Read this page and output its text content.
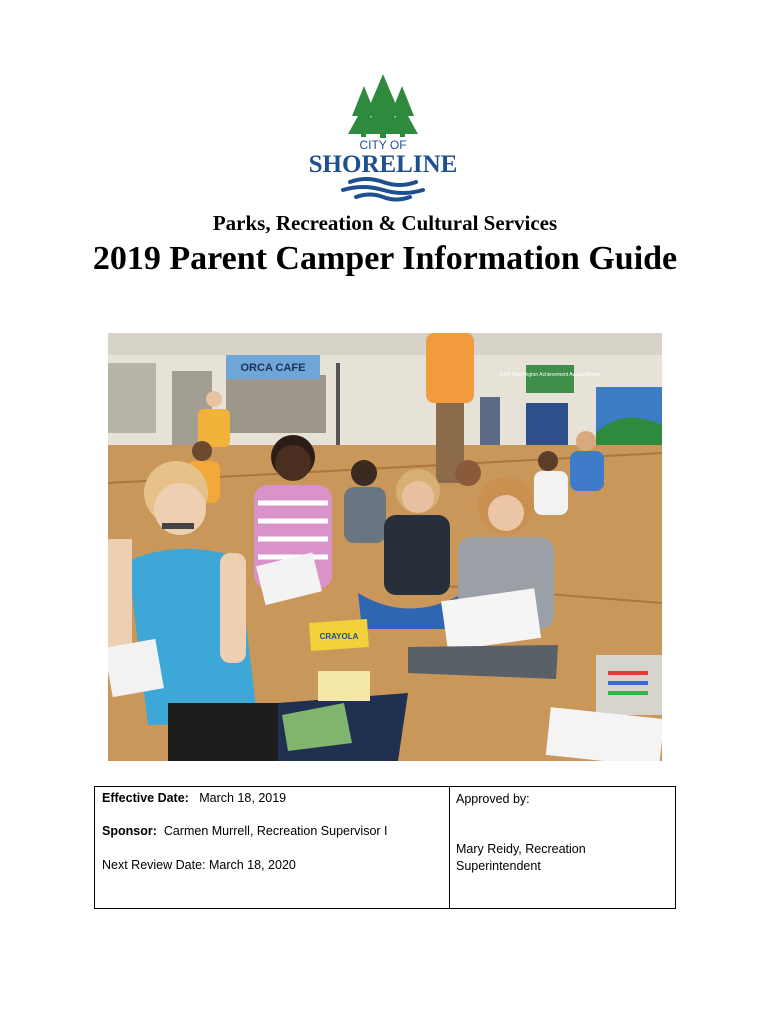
CITY OF
SHORELINE
Parks, Recreation & Cultural Services
2019 Parent Camper Information Guide
ORCA CAFE
2014 Washington Achievement Award Winner
CRAYOLA
Effective Date: March 18, 2019
Sponsor: Carmen Murrell, Recreation Supervisor I
Next Review Date: March 18, 2020
Approved by:
Mary Reidy, Recreation Superintendent
